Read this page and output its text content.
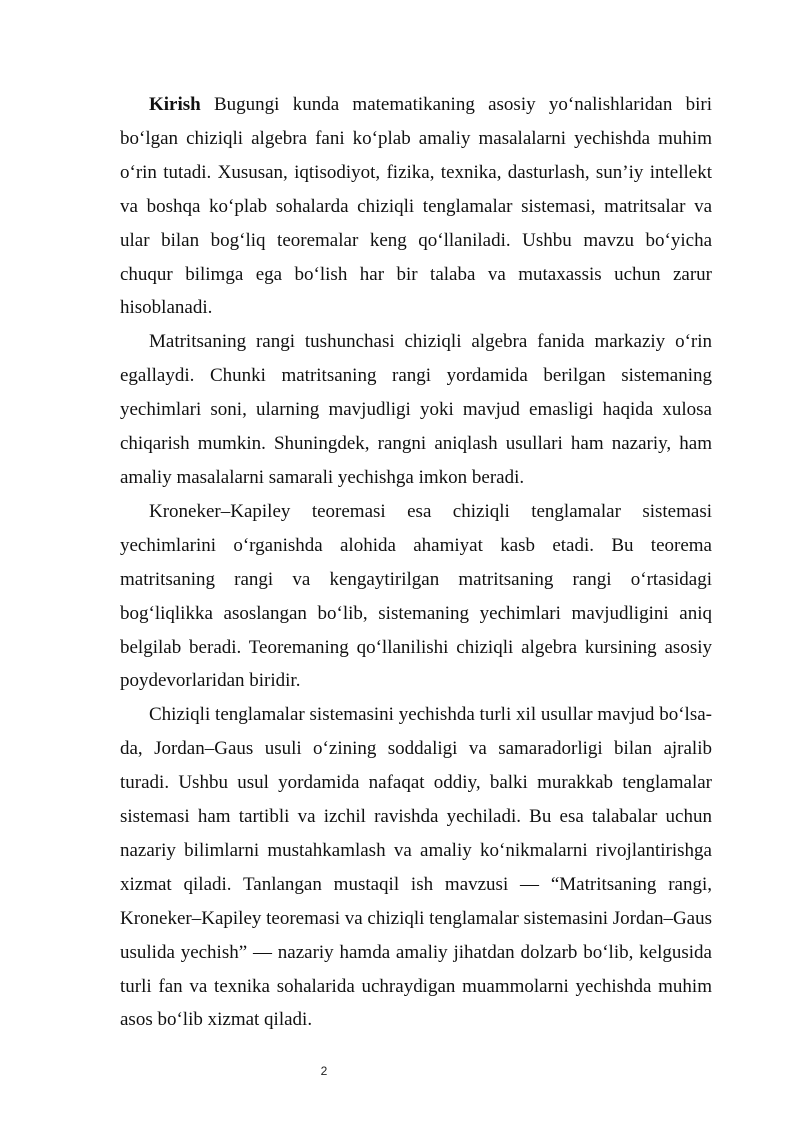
Kirish Bugungi kunda matematikaning asosiy yo‘nalishlaridan biri bo‘lgan chiziqli algebra fani ko‘plab amaliy masalalarni yechishda muhim o‘rin tutadi. Xususan, iqtisodiyot, fizika, texnika, dasturlash, sun’iy intellekt va boshqa ko‘plab sohalarda chiziqli tenglamalar sistemasi, matritsalar va ular bilan bog‘liq teoremalar keng qo‘llaniladi. Ushbu mavzu bo‘yicha chuqur bilimga ega bo‘lish har bir talaba va mutaxassis uchun zarur hisoblanadi.

Matritsaning rangi tushunchasi chiziqli algebra fanida markaziy o‘rin egallaydi. Chunki matritsaning rangi yordamida berilgan sistemaning yechimlari soni, ularning mavjudligi yoki mavjud emasligi haqida xulosa chiqarish mumkin. Shuningdek, rangni aniqlash usullari ham nazariy, ham amaliy masalalarni samarali yechishga imkon beradi.

Kroneker–Kapiley teoremasi esa chiziqli tenglamalar sistemasi yechimlarini o‘rganishda alohida ahamiyat kasb etadi. Bu teorema matritsaning rangi va kengaytirilgan matritsaning rangi o‘rtasidagi bog‘liqlikka asoslangan bo‘lib, sistemaning yechimlari mavjudligini aniq belgilab beradi. Teoremaning qo‘llanilishi chiziqli algebra kursining asosiy poydevorlaridan biridir.

Chiziqli tenglamalar sistemasini yechishda turli xil usullar mavjud bo‘lsa-da, Jordan–Gaus usuli o‘zining soddaligi va samaradorligi bilan ajralib turadi. Ushbu usul yordamida nafaqat oddiy, balki murakkab tenglamalar sistemasi ham tartibli va izchil ravishda yechiladi. Bu esa talabalar uchun nazariy bilimlarni mustahkamlash va amaliy ko‘nikmalarni rivojlantirishga xizmat qiladi. Tanlangan mustaqil ish mavzusi — “Matritsaning rangi, Kroneker–Kapiley teoremasi va chiziqli tenglamalar sistemasini Jordan–Gaus usulida yechish” — nazariy hamda amaliy jihatdan dolzarb bo‘lib, kelgusida turli fan va texnika sohalarida uchraydigan muammolarni yechishda muhim asos bo‘lib xizmat qiladi.

2
